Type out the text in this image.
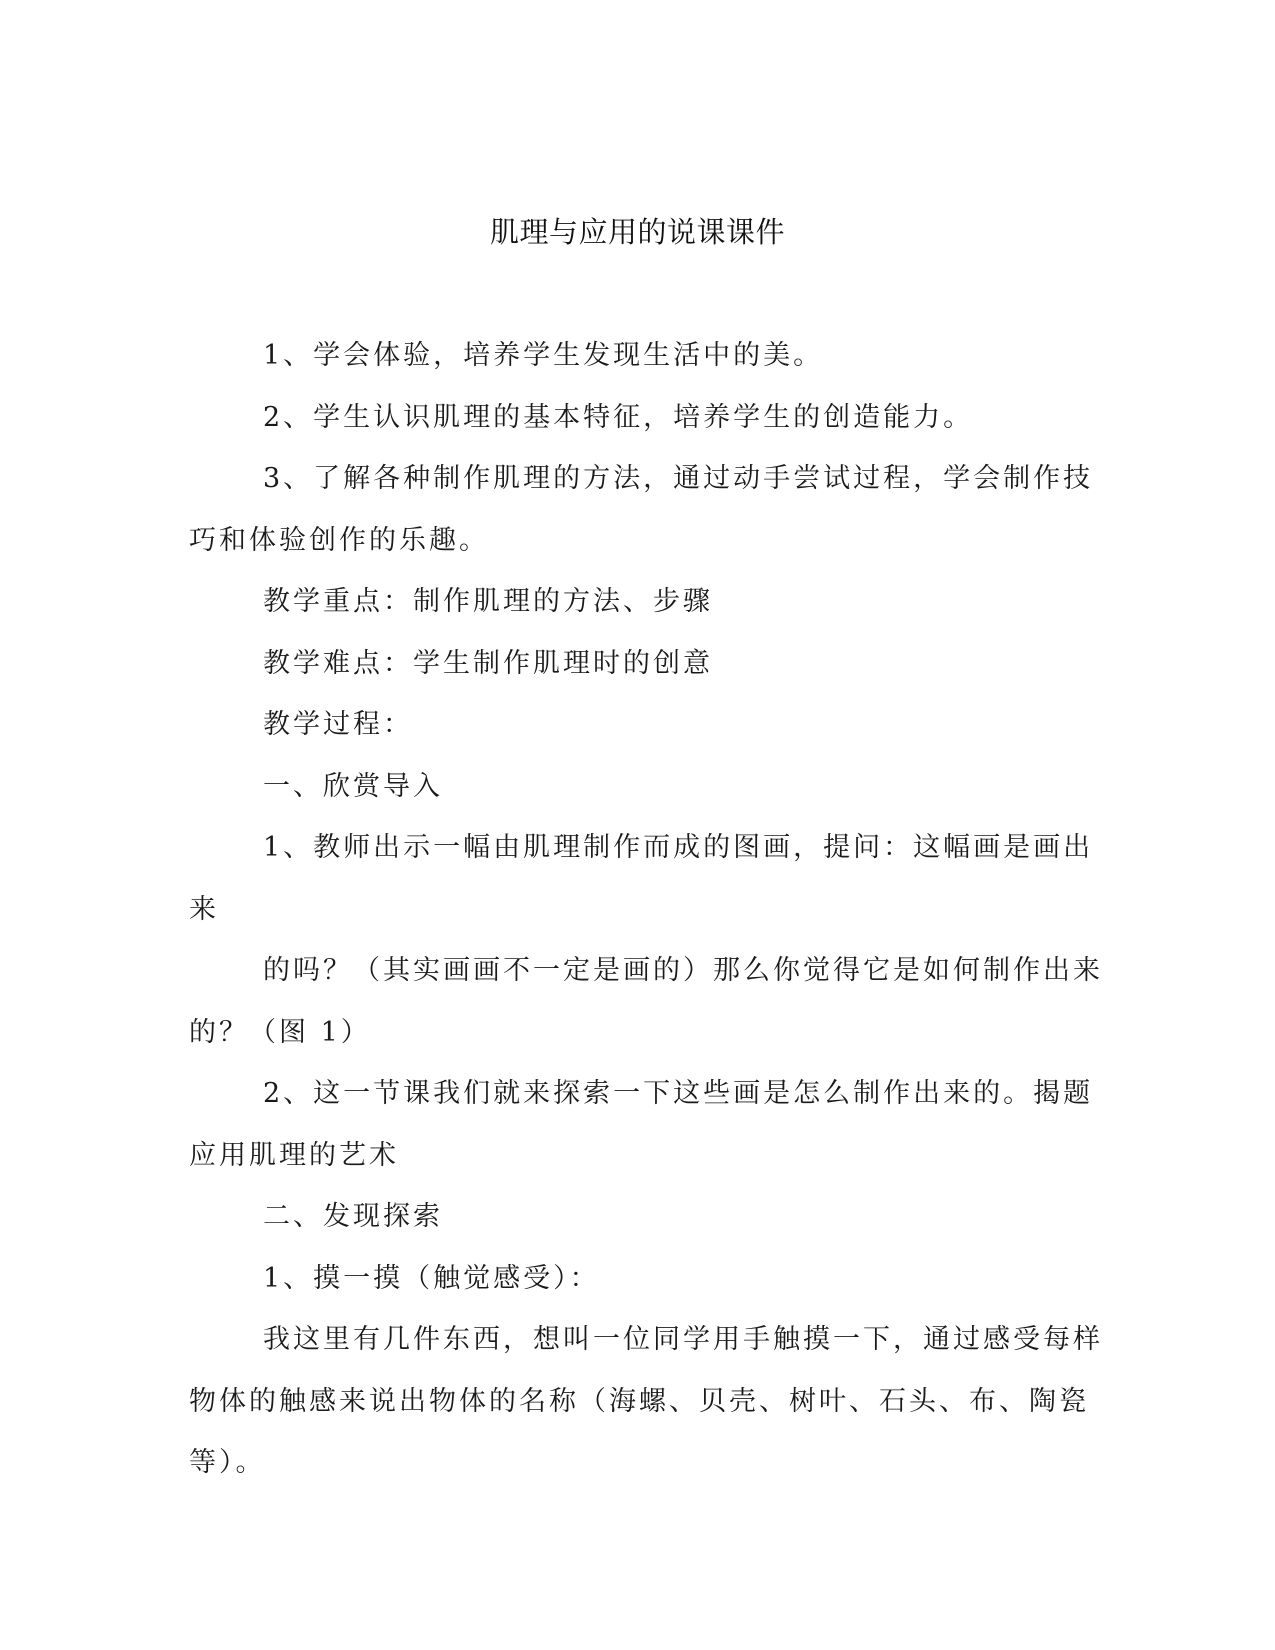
肌理与应用的说课课件

1、学会体验，培养学生发现生活中的美。

2、学生认识肌理的基本特征，培养学生的创造能力。

3、了解各种制作肌理的方法，通过动手尝试过程，学会制作技

巧和体验创作的乐趣。

教学重点：制作肌理的方法、步骤

教学难点：学生制作肌理时的创意

教学过程：

一、欣赏导入

1、教师出示一幅由肌理制作而成的图画，提问：这幅画是画出

来

的吗？（其实画画不一定是画的）那么你觉得它是如何制作出来

的？（图 1）

2、这一节课我们就来探索一下这些画是怎么制作出来的。揭题

应用肌理的艺术

二、发现探索

1、摸一摸（触觉感受）：

我这里有几件东西，想叫一位同学用手触摸一下，通过感受每样

物体的触感来说出物体的名称（海螺、贝壳、树叶、石头、布、陶瓷

等）。
